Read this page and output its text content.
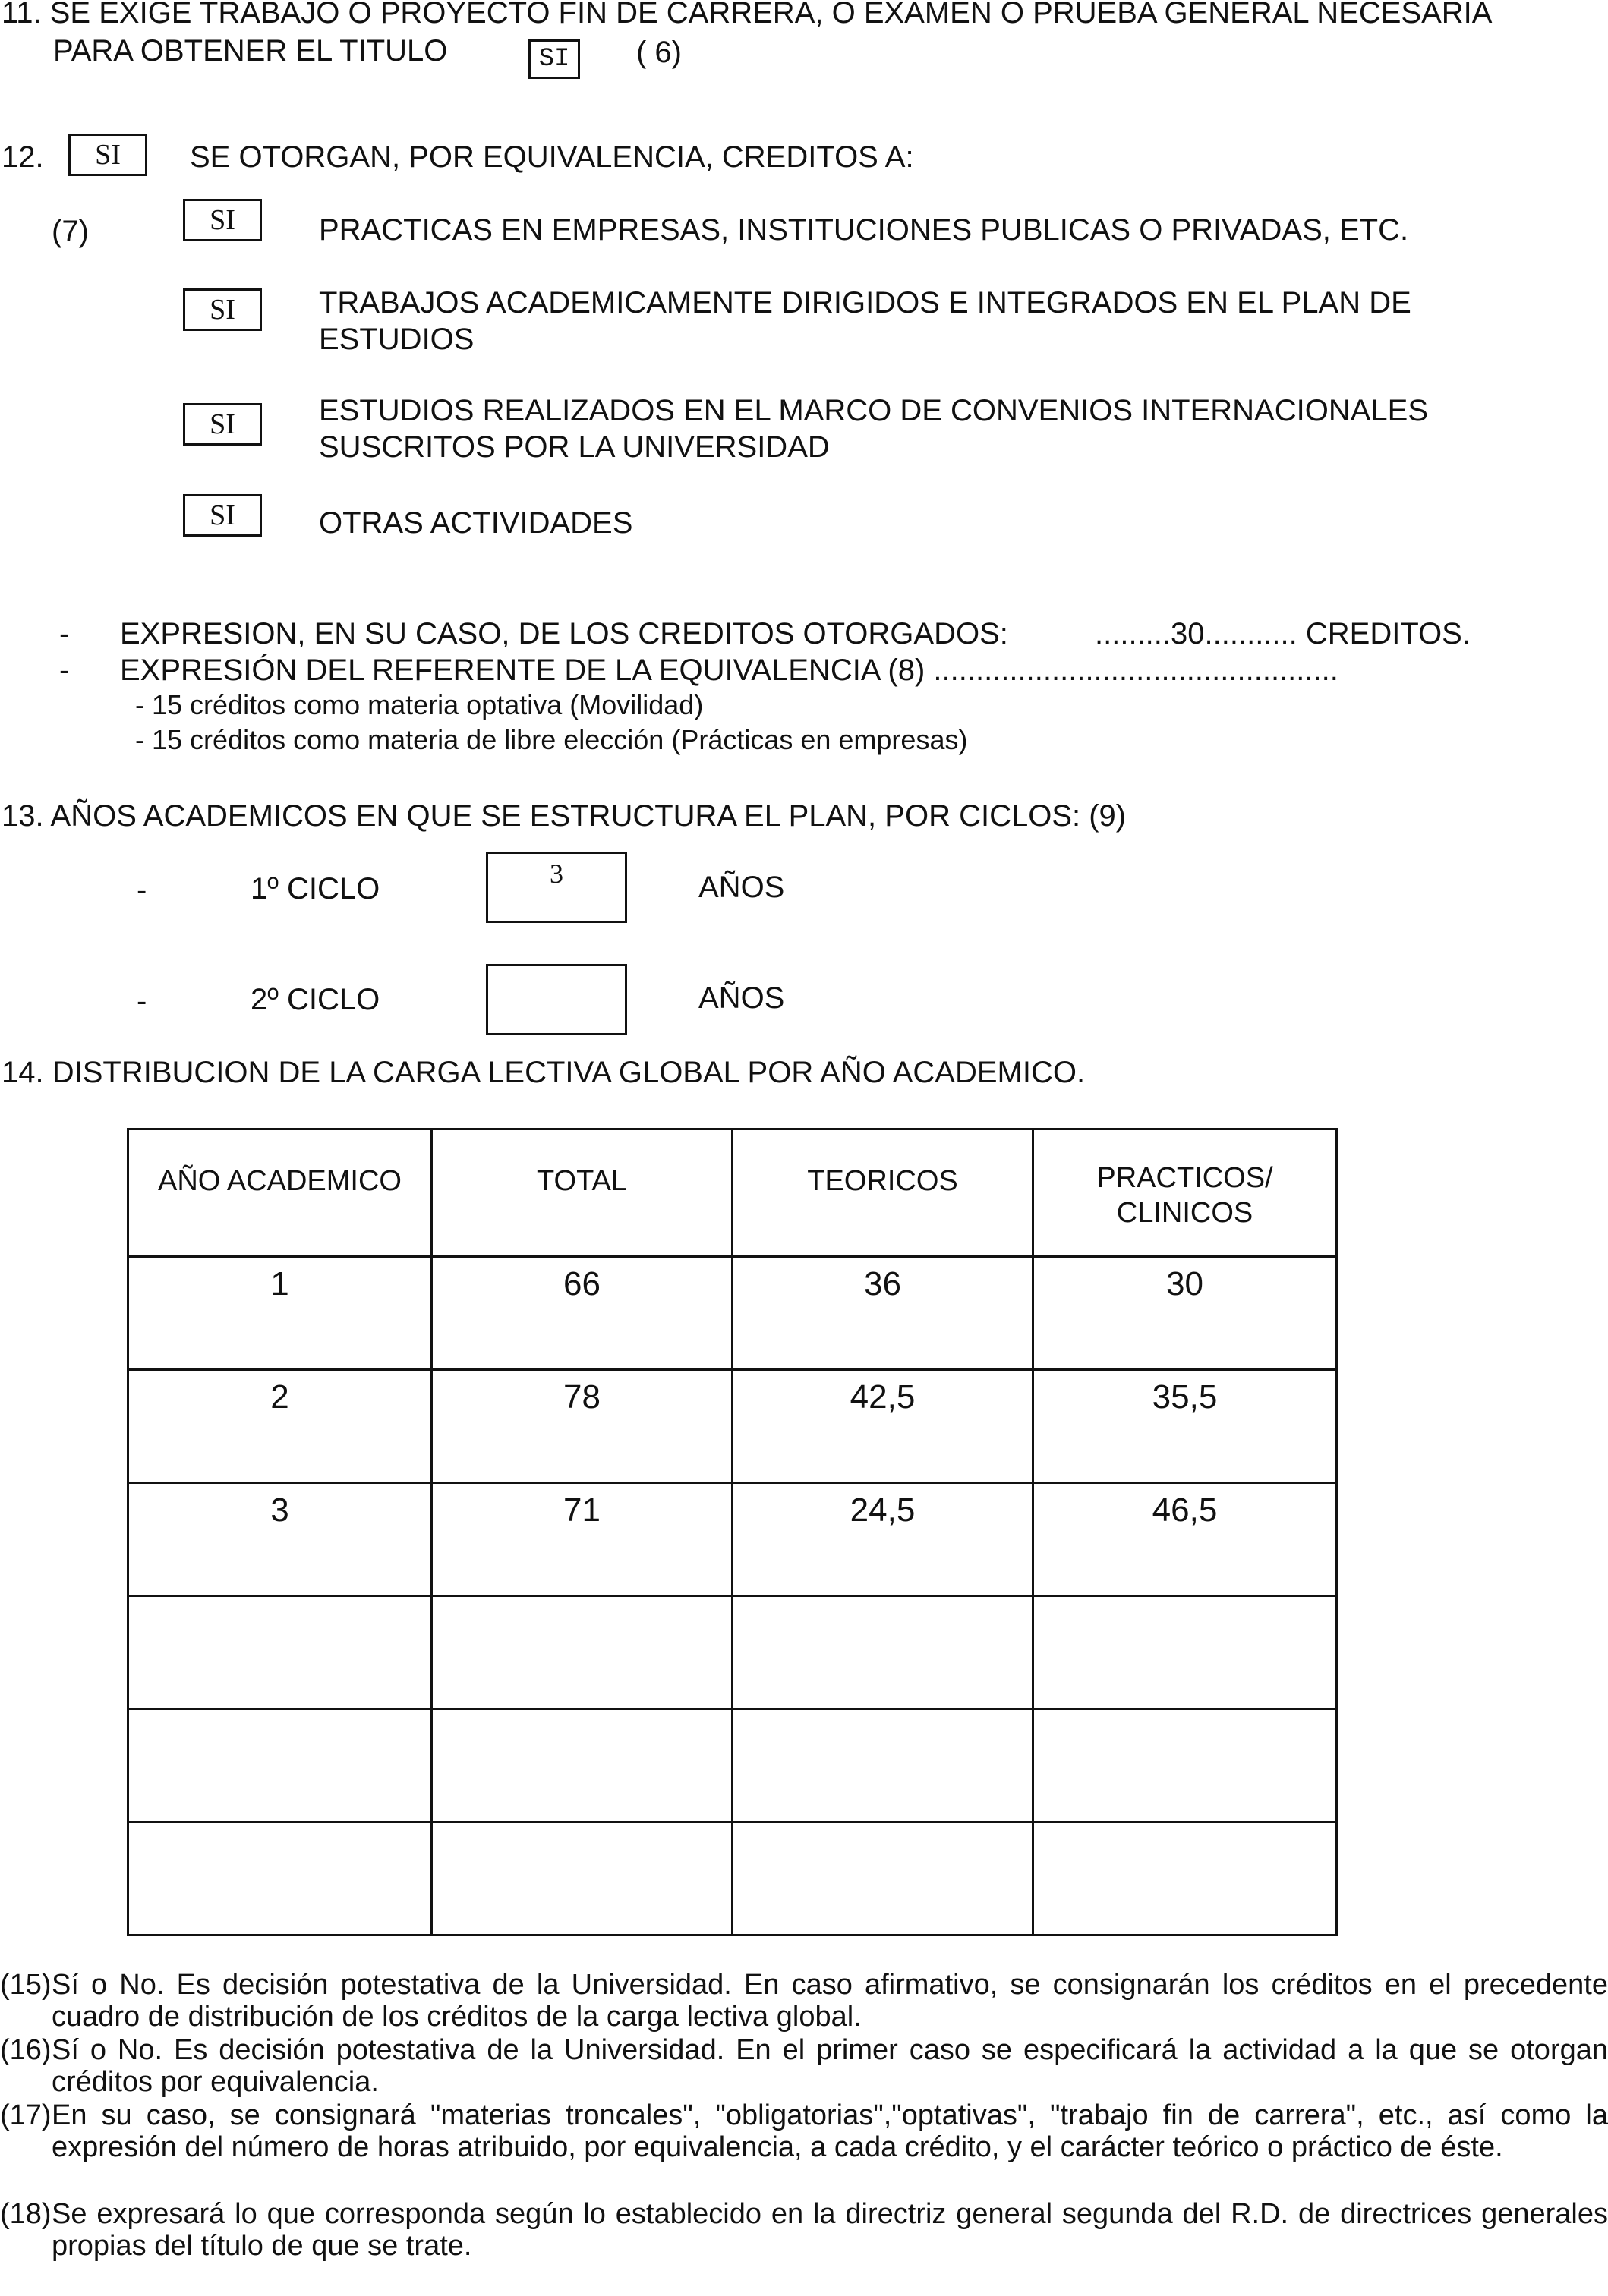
11. SE EXIGE TRABAJO O PROYECTO FIN DE CARRERA, O EXAMEN O PRUEBA GENERAL NECESARIA
PARA OBTENER EL TITULO	SI	( 6)
12.	SI	SE OTORGAN, POR EQUIVALENCIA, CREDITOS A:
(7)	SI	PRACTICAS EN EMPRESAS, INSTITUCIONES PUBLICAS O PRIVADAS, ETC.
SI	TRABAJOS ACADEMICAMENTE DIRIGIDOS E INTEGRADOS EN EL PLAN DE
ESTUDIOS
SI	ESTUDIOS REALIZADOS EN EL MARCO DE CONVENIOS INTERNACIONALES
SUSCRITOS POR LA UNIVERSIDAD
SI	OTRAS ACTIVIDADES
- EXPRESION, EN SU CASO, DE LOS CREDITOS OTORGADOS:	.........30........... CREDITOS.
- EXPRESIÓN DEL REFERENTE DE LA EQUIVALENCIA (8) ................................................
- 15 créditos como materia optativa (Movilidad)
- 15 créditos como materia de libre elección (Prácticas en empresas)
13. AÑOS ACADEMICOS EN QUE SE ESTRUCTURA EL PLAN, POR CICLOS: (9)
-	1º CICLO	3	AÑOS
-	2º CICLO	AÑOS
14. DISTRIBUCION DE LA CARGA LECTIVA GLOBAL POR AÑO ACADEMICO.
AÑO ACADEMICO	TOTAL	TEORICOS	PRACTICOS/
CLINICOS
1	66	36	30
2	78	42,5	35,5
3	71	24,5	46,5

(15) Sí o No. Es decisión potestativa de la Universidad. En caso afirmativo, se consignarán los créditos en el precedente cuadro de distribución de los créditos de la carga lectiva global.
(16) Sí o No. Es decisión potestativa de la Universidad. En el primer caso se especificará la actividad a la que se otorgan créditos por equivalencia.
(17) En su caso, se consignará "materias troncales", "obligatorias","optativas", "trabajo fin de carrera", etc., así como la expresión del número de horas atribuido, por equivalencia, a cada crédito, y el carácter teórico o práctico de éste.
(18) Se expresará lo que corresponda según lo establecido en la directriz general segunda del R.D. de directrices generales propias del título de que se trate.
